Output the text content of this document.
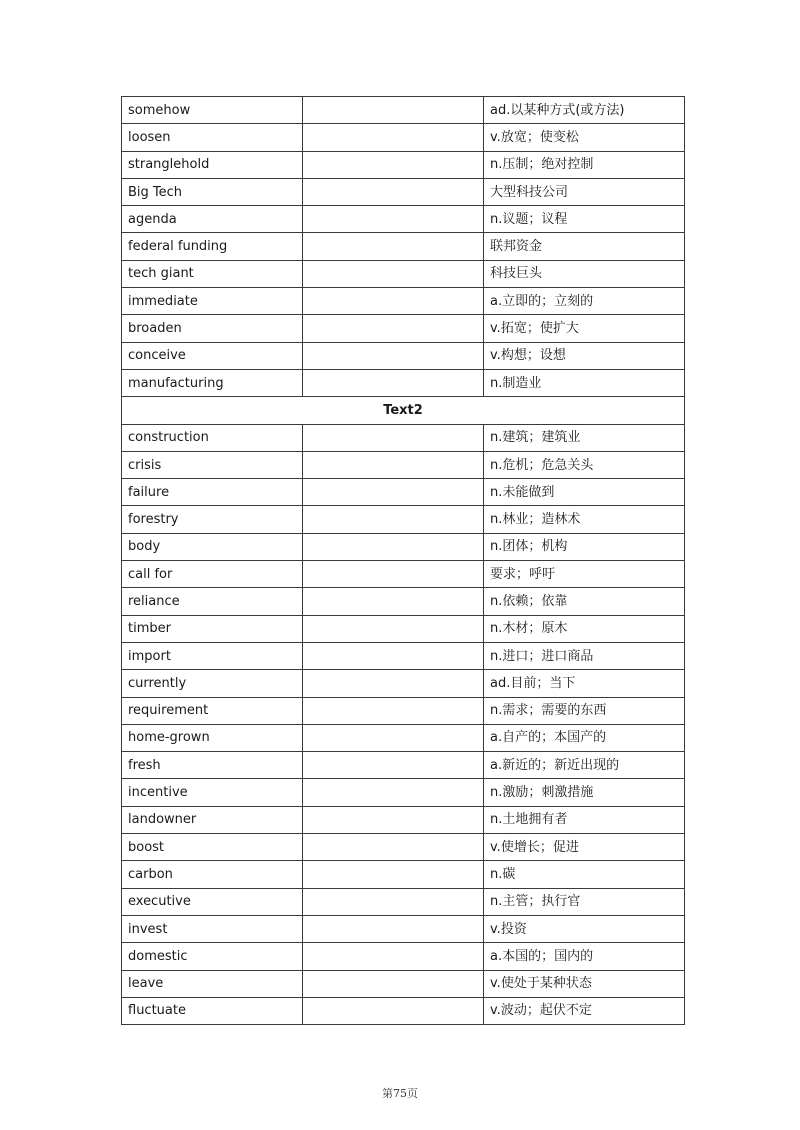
somehow		ad.以某种方式(或方法)
loosen		v.放宽；使变松
stranglehold		n.压制；绝对控制
Big Tech		大型科技公司
agenda		n.议题；议程
federal funding		联邦资金
tech giant		科技巨头
immediate		a.立即的；立刻的
broaden		v.拓宽；使扩大
conceive		v.构想；设想
manufacturing		n.制造业
Text2		
construction		n.建筑；建筑业
crisis		n.危机；危急关头
failure		n.未能做到
forestry		n.林业；造林术
body		n.团体；机构
call for		要求；呼吁
reliance		n.依赖；依靠
timber		n.木材；原木
import		n.进口；进口商品
currently		ad.目前；当下
requirement		n.需求；需要的东西
home-grown		a.自产的；本国产的
fresh		a.新近的；新近出现的
incentive		n.激励；刺激措施
landowner		n.土地拥有者
boost		v.使增长；促进
carbon		n.碳
executive		n.主管；执行官
invest		v.投资
domestic		a.本国的；国内的
leave		v.使处于某种状态
fluctuate		v.波动；起伏不定
第75页
